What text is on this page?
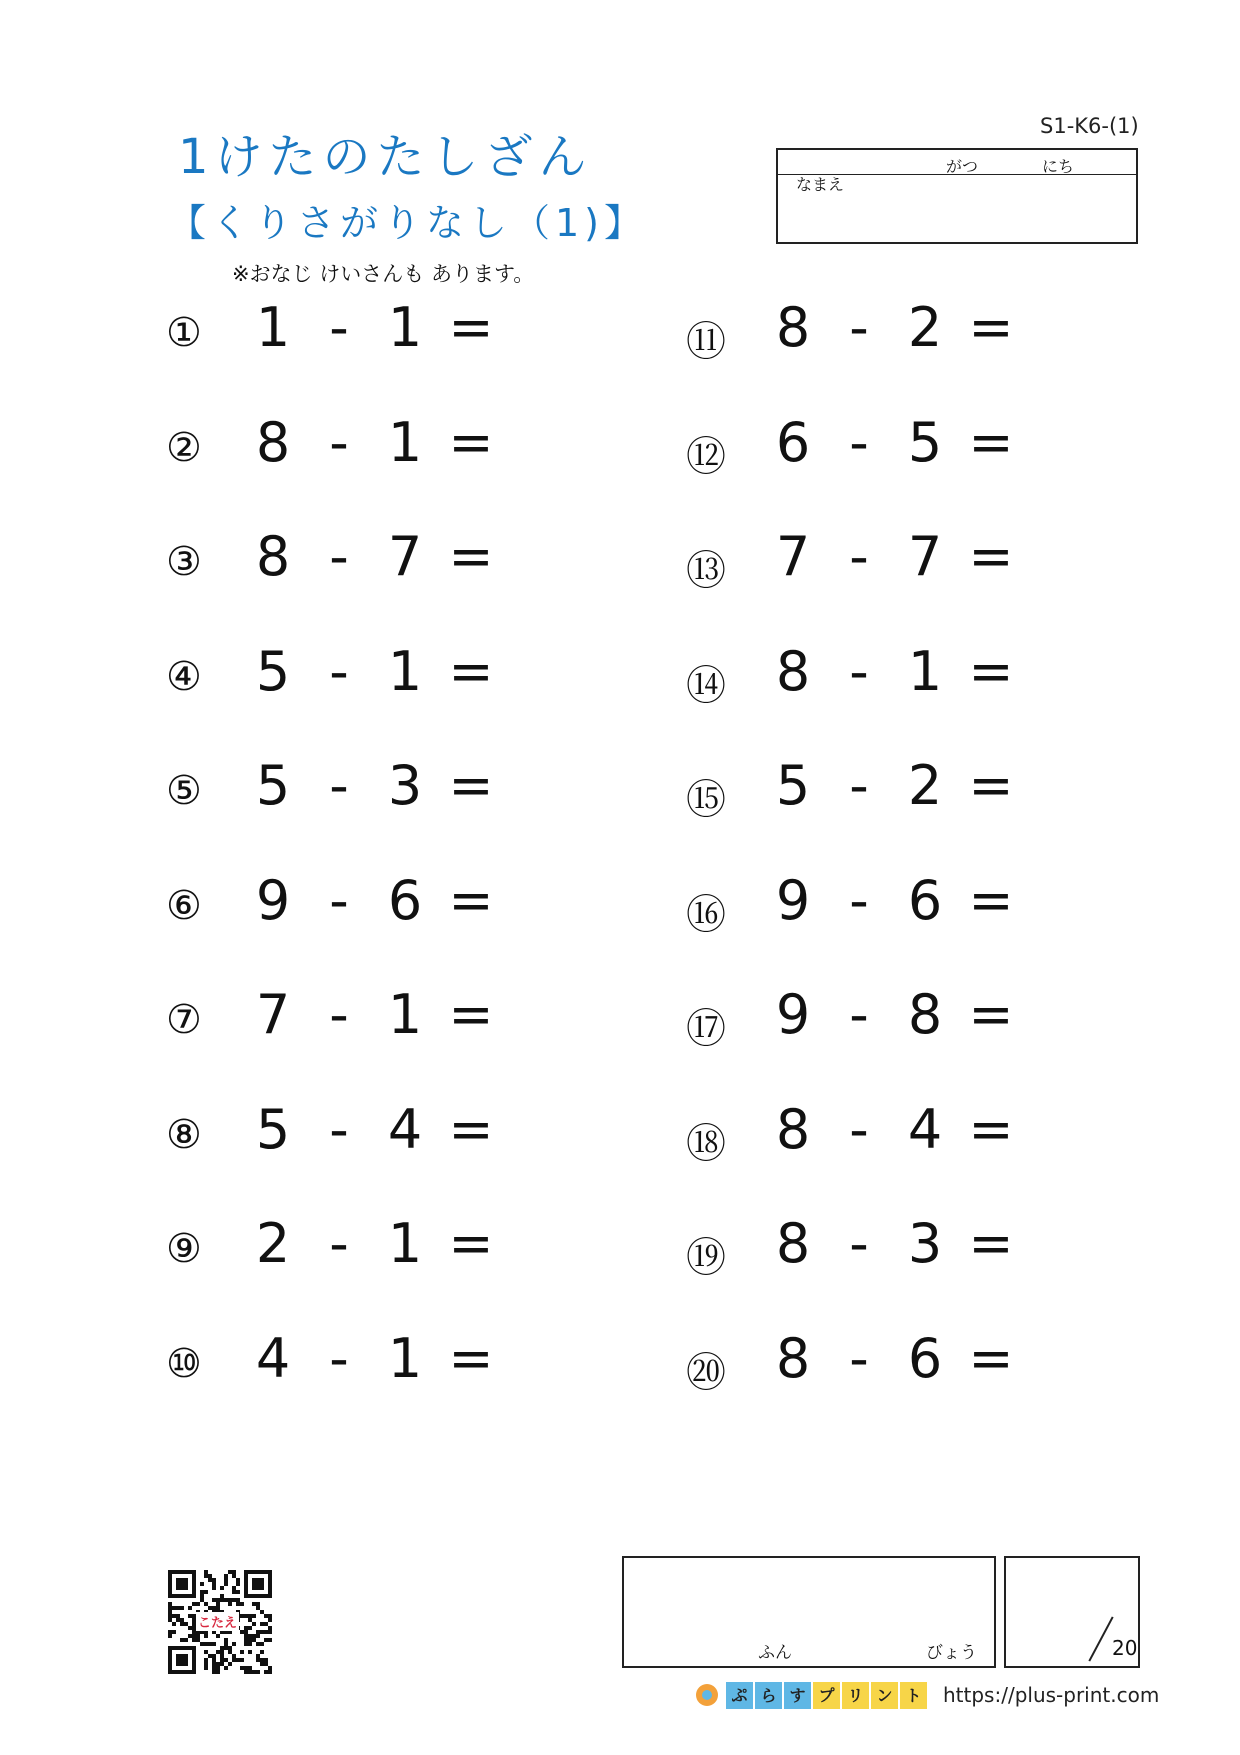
1けたのたしざん
【くりさがりなし（1)】
※おなじ けいさんも あります。
S1-K6-(1)
がつ	にち
なまえ
① 1 - 1 =
② 8 - 1 =
③ 8 - 7 =
④ 5 - 1 =
⑤ 5 - 3 =
⑥ 9 - 6 =
⑦ 7 - 1 =
⑧ 5 - 4 =
⑨ 2 - 1 =
⑩ 4 - 1 =
⑪ 8 - 2 =
⑫ 6 - 5 =
⑬ 7 - 7 =
⑭ 8 - 1 =
⑮ 5 - 2 =
⑯ 9 - 6 =
⑰ 9 - 8 =
⑱ 8 - 4 =
⑲ 8 - 3 =
⑳ 8 - 6 =
こたえ
ふん	びょう	20
ぷ ら す プ リ ン ト https://plus-print.com
